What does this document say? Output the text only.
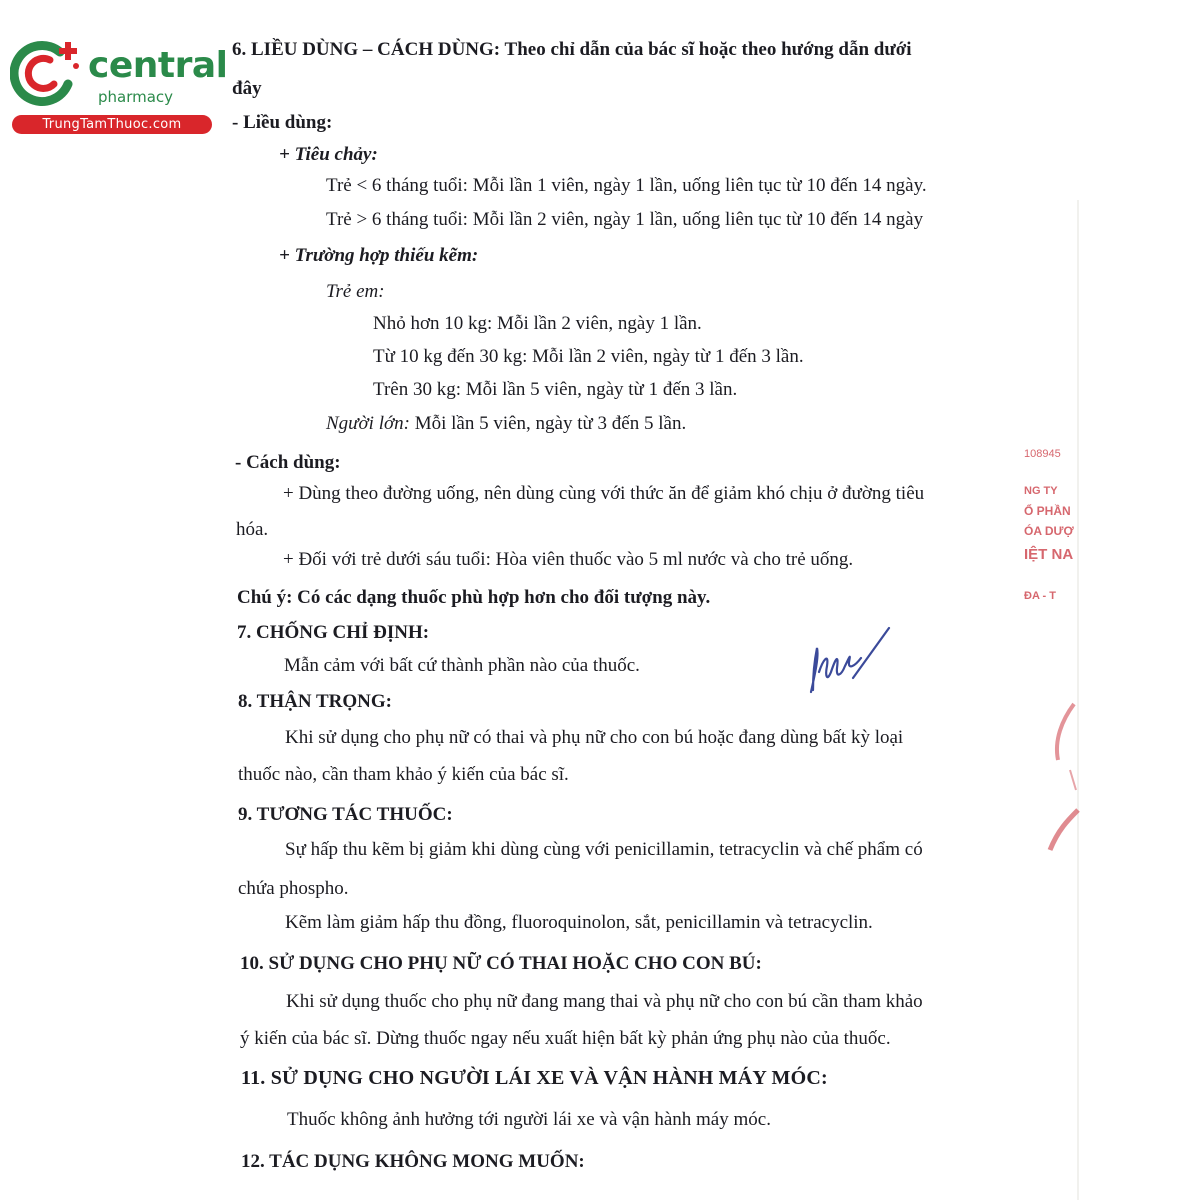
central
pharmacy
TrungTamThuoc.com
6. LIỀU DÙNG – CÁCH DÙNG: Theo chỉ dẫn của bác sĩ hoặc theo hướng dẫn dưới
đây
- Liều dùng:
+ Tiêu chảy:
Trẻ < 6 tháng tuổi: Mỗi lần 1 viên, ngày 1 lần, uống liên tục từ 10 đến 14 ngày.
Trẻ > 6 tháng tuổi: Mỗi lần 2 viên, ngày 1 lần, uống liên tục từ 10 đến 14 ngày
+ Trường hợp thiếu kẽm:
Trẻ em:
Nhỏ hơn 10 kg: Mỗi lần 2 viên, ngày 1 lần.
Từ 10 kg đến 30 kg: Mỗi lần 2 viên, ngày từ 1 đến 3 lần.
Trên 30 kg: Mỗi lần 5 viên, ngày từ 1 đến 3 lần.
Người lớn: Mỗi lần 5 viên, ngày từ 3 đến 5 lần.
- Cách dùng:
+ Dùng theo đường uống, nên dùng cùng với thức ăn để giảm khó chịu ở đường tiêu
hóa.
+ Đối với trẻ dưới sáu tuổi: Hòa viên thuốc vào 5 ml nước và cho trẻ uống.
Chú ý: Có các dạng thuốc phù hợp hơn cho đối tượng này.
7. CHỐNG CHỈ ĐỊNH:
Mẫn cảm với bất cứ thành phần nào của thuốc.
8. THẬN TRỌNG:
Khi sử dụng cho phụ nữ có thai và phụ nữ cho con bú hoặc đang dùng bất kỳ loại
thuốc nào, cần tham khảo ý kiến của bác sĩ.
9. TƯƠNG TÁC THUỐC:
Sự hấp thu kẽm bị giảm khi dùng cùng với penicillamin, tetracyclin và chế phẩm có
chứa phospho.
Kẽm làm giảm hấp thu đồng, fluoroquinolon, sắt, penicillamin và tetracyclin.
10. SỬ DỤNG CHO PHỤ NỮ CÓ THAI HOẶC CHO CON BÚ:
Khi sử dụng thuốc cho phụ nữ đang mang thai và phụ nữ cho con bú cần tham khảo
ý kiến của bác sĩ. Dừng thuốc ngay nếu xuất hiện bất kỳ phản ứng phụ nào của thuốc.
11. SỬ DỤNG CHO NGƯỜI LÁI XE VÀ VẬN HÀNH MÁY MÓC:
Thuốc không ảnh hưởng tới người lái xe và vận hành máy móc.
12. TÁC DỤNG KHÔNG MONG MUỐN:
108945
NG TY
Ổ PHẦN
ÓA DƯỢ
IỆT NA
ĐA - T
